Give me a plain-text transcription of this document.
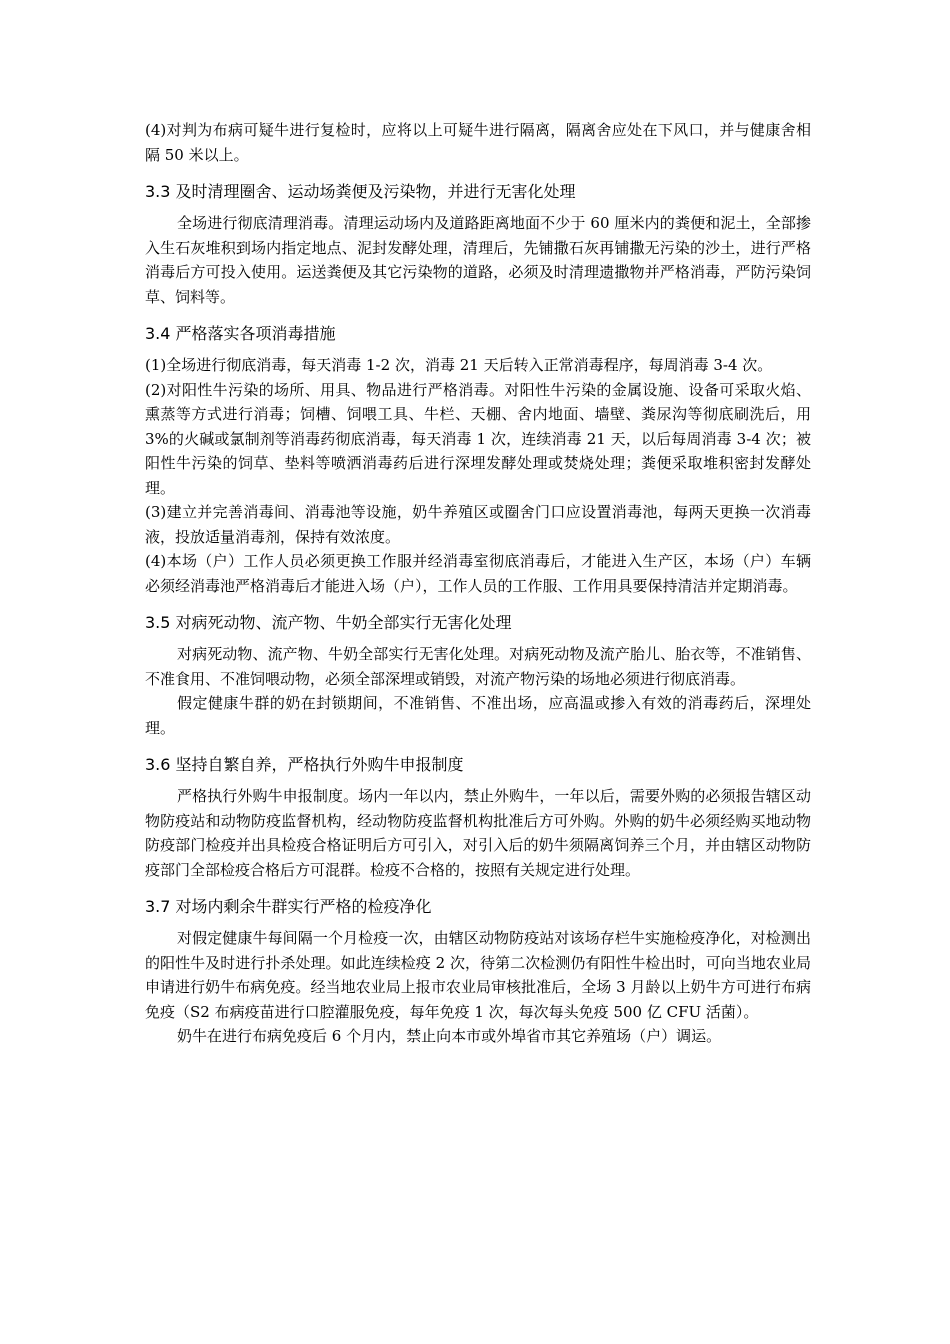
(4)对判为布病可疑牛进行复检时，应将以上可疑牛进行隔离，隔离舍应处在下风口，并与健康舍相隔 50 米以上。

3.3 及时清理圈舍、运动场粪便及污染物，并进行无害化处理

全场进行彻底清理消毒。清理运动场内及道路距离地面不少于 60 厘米内的粪便和泥土，全部掺入生石灰堆积到场内指定地点、泥封发酵处理，清理后，先铺撒石灰再铺撒无污染的沙土，进行严格消毒后方可投入使用。运送粪便及其它污染物的道路，必须及时清理遗撒物并严格消毒，严防污染饲草、饲料等。

3.4 严格落实各项消毒措施

(1)全场进行彻底消毒，每天消毒 1-2 次，消毒 21 天后转入正常消毒程序，每周消毒 3-4 次。

(2)对阳性牛污染的场所、用具、物品进行严格消毒。对阳性牛污染的金属设施、设备可采取火焰、熏蒸等方式进行消毒；饲槽、饲喂工具、牛栏、天棚、舍内地面、墙壁、粪尿沟等彻底刷洗后，用 3%的火碱或氯制剂等消毒药彻底消毒，每天消毒 1 次，连续消毒 21 天，以后每周消毒 3-4 次；被阳性牛污染的饲草、垫料等喷洒消毒药后进行深埋发酵处理或焚烧处理；粪便采取堆积密封发酵处理。

(3)建立并完善消毒间、消毒池等设施，奶牛养殖区或圈舍门口应设置消毒池，每两天更换一次消毒液，投放适量消毒剂，保持有效浓度。

(4)本场（户）工作人员必须更换工作服并经消毒室彻底消毒后，才能进入生产区，本场（户）车辆必须经消毒池严格消毒后才能进入场（户），工作人员的工作服、工作用具要保持清洁并定期消毒。

3.5 对病死动物、流产物、牛奶全部实行无害化处理

对病死动物、流产物、牛奶全部实行无害化处理。对病死动物及流产胎儿、胎衣等，不准销售、不准食用、不准饲喂动物，必须全部深埋或销毁，对流产物污染的场地必须进行彻底消毒。

假定健康牛群的奶在封锁期间，不准销售、不准出场，应高温或掺入有效的消毒药后，深埋处理。

3.6 坚持自繁自养，严格执行外购牛申报制度

严格执行外购牛申报制度。场内一年以内，禁止外购牛，一年以后，需要外购的必须报告辖区动物防疫站和动物防疫监督机构，经动物防疫监督机构批准后方可外购。外购的奶牛必须经购买地动物防疫部门检疫并出具检疫合格证明后方可引入，对引入后的奶牛须隔离饲养三个月，并由辖区动物防疫部门全部检疫合格后方可混群。检疫不合格的，按照有关规定进行处理。

3.7 对场内剩余牛群实行严格的检疫净化

对假定健康牛每间隔一个月检疫一次，由辖区动物防疫站对该场存栏牛实施检疫净化，对检测出的阳性牛及时进行扑杀处理。如此连续检疫 2 次，待第二次检测仍有阳性牛检出时，可向当地农业局申请进行奶牛布病免疫。经当地农业局上报市农业局审核批准后，全场 3 月龄以上奶牛方可进行布病免疫（S2 布病疫苗进行口腔灌服免疫，每年免疫 1 次，每次每头免疫 500 亿 CFU 活菌）。

奶牛在进行布病免疫后 6 个月内，禁止向本市或外埠省市其它养殖场（户）调运。
